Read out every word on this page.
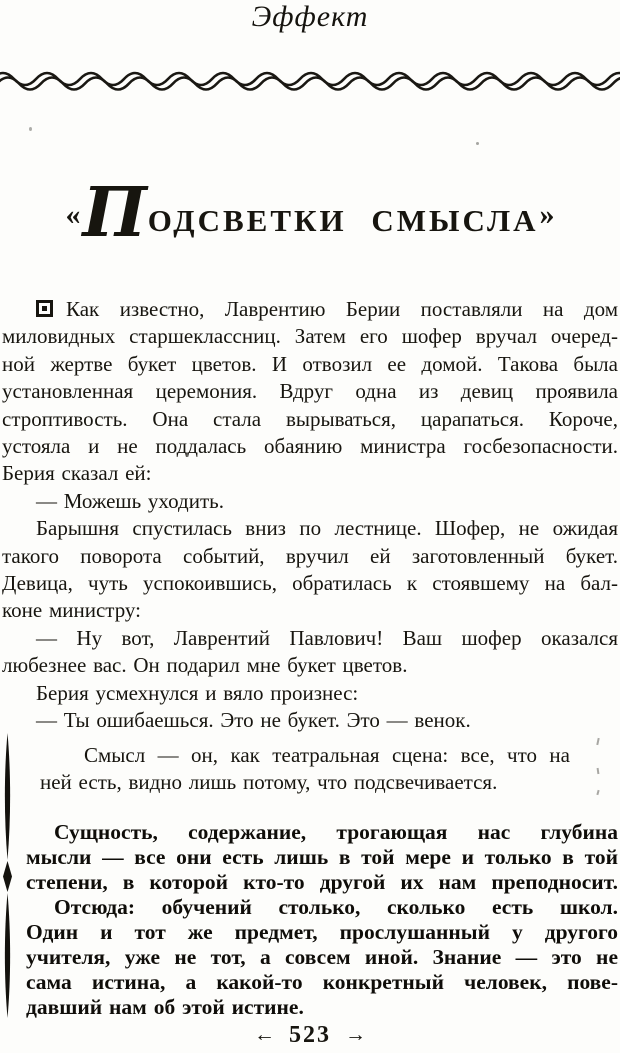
Эффект
«ПОДСВЕТКИ СМЫСЛА»
Как известно, Лаврентию Берии поставляли на дом
миловидных старшеклассниц. Затем его шофер вручал очеред-
ной жертве букет цветов. И отвозил ее домой. Такова была
установленная церемония. Вдруг одна из девиц проявила
строптивость. Она стала вырываться, царапаться. Короче,
устояла и не поддалась обаянию министра госбезопасности.
Берия сказал ей:
— Можешь уходить.
Барышня спустилась вниз по лестнице. Шофер, не ожидая
такого поворота событий, вручил ей заготовленный букет.
Девица, чуть успокоившись, обратилась к стоявшему на бал-
коне министру:
— Ну вот, Лаврентий Павлович! Ваш шофер оказался
любезнее вас. Он подарил мне букет цветов.
Берия усмехнулся и вяло произнес:
— Ты ошибаешься. Это не букет. Это — венок.
Смысл — он, как театральная сцена: все, что на
ней есть, видно лишь потому, что подсвечивается.
Сущность, содержание, трогающая нас глубина
мысли — все они есть лишь в той мере и только в той
степени, в которой кто-то другой их нам преподносит.
Отсюда: обучений столько, сколько есть школ.
Один и тот же предмет, прослушанный у другого
учителя, уже не тот, а совсем иной. Знание — это не
сама истина, а какой-то конкретный человек, пове-
давший нам об этой истине.
← 523 →
